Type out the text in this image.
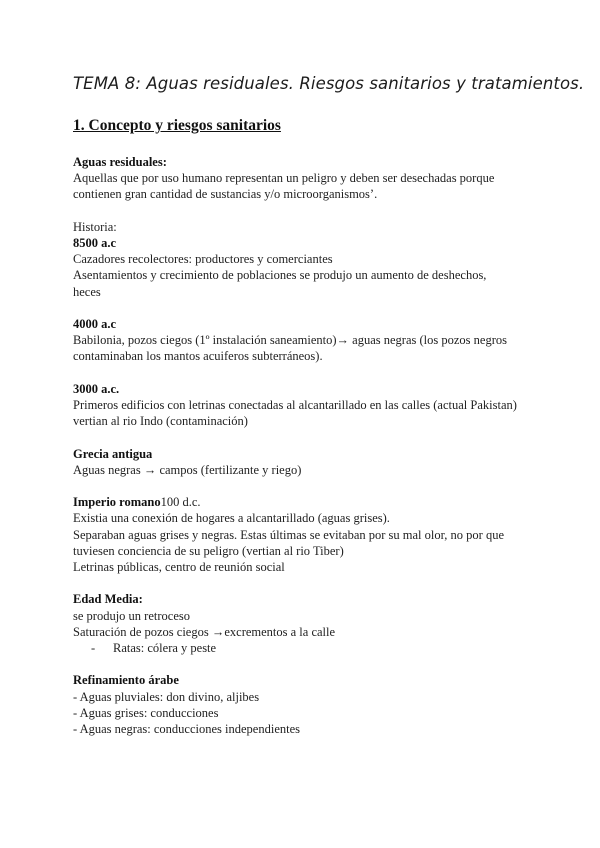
TEMA 8: Aguas residuales. Riesgos sanitarios y tratamientos.
1. Concepto y riesgos sanitarios
Aguas residuales:
Aquellas que por uso humano representan un peligro y deben ser desechadas porque
contienen gran cantidad de sustancias y/o microorganismos’.
Historia:
8500 a.c
Cazadores recolectores: productores y comerciantes
Asentamientos y crecimiento de poblaciones se produjo un aumento de deshechos,
heces
4000 a.c
Babilonia, pozos ciegos (1º instalación saneamiento)→ aguas negras (los pozos negros
contaminaban los mantos acuiferos subterráneos).
3000 a.c.
Primeros edificios con letrinas conectadas al alcantarillado en las calles (actual Pakistan)
vertian al rio Indo (contaminación)
Grecia antigua
Aguas negras → campos (fertilizante y riego)
Imperio romano100 d.c.
Existia una conexión de hogares a alcantarillado (aguas grises).
Separaban aguas grises y negras. Estas últimas se evitaban por su mal olor, no por que
tuviesen conciencia de su peligro (vertian al rio Tiber)
Letrinas públicas, centro de reunión social
Edad Media:
se produjo un retroceso
Saturación de pozos ciegos →excrementos a la calle
- Ratas: cólera y peste
Refinamiento árabe
- Aguas pluviales: don divino, aljibes
- Aguas grises: conducciones
- Aguas negras: conducciones independientes
